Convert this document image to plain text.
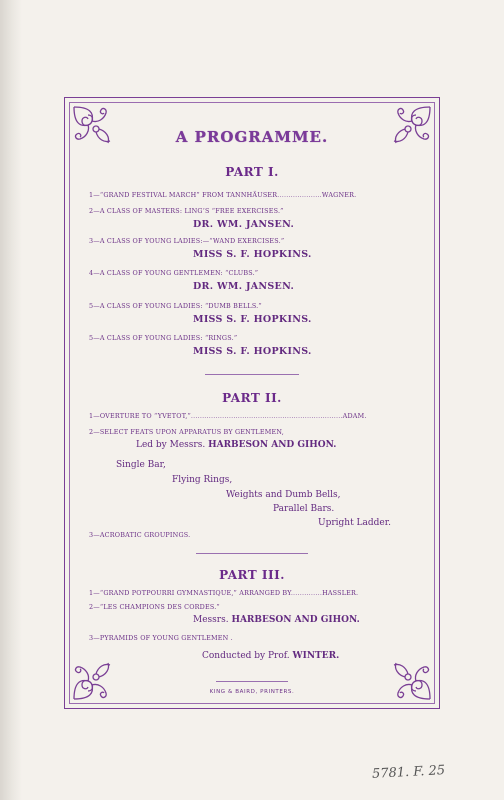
A PROGRAMME.
PART I.
1—“GRAND FESTIVAL MARCH” FROM TANNHÄUSER....................WAGNER.
2—A CLASS OF MASTERS: LING’S “FREE EXERCISES.”
DR. WM. JANSEN.
3—A CLASS OF YOUNG LADIES:—“WAND EXERCISES.”
MISS S. F. HOPKINS.
4—A CLASS OF YOUNG GENTLEMEN: “CLUBS.”
DR. WM. JANSEN.
5—A CLASS OF YOUNG LADIES: “DUMB BELLS.”
MISS S. F. HOPKINS.
5—A CLASS OF YOUNG LADIES: “RINGS.”
MISS S. F. HOPKINS.
PART II.
1—OVERTURE TO “YVETOT,”....................................................................ADAM.
2—SELECT FEATS UPON APPARATUS BY GENTLEMEN,
Led by Messrs. HARBESON AND GIHON.
Single Bar,
Flying Rings,
Weights and Dumb Bells,
Parallel Bars.
Upright Ladder.
3—ACROBATIC GROUPINGS.
PART III.
1—“GRAND POTPOURRI GYMNASTIQUE,” ARRANGED BY..............HASSLER.
2—“LES CHAMPIONS DES CORDES.”
Messrs. HARBESON AND GIHON.
3—PYRAMIDS OF YOUNG GENTLEMEN .
Conducted by Prof. WINTER.
KING & BAIRD, PRINTERS.
5781. F. 25
